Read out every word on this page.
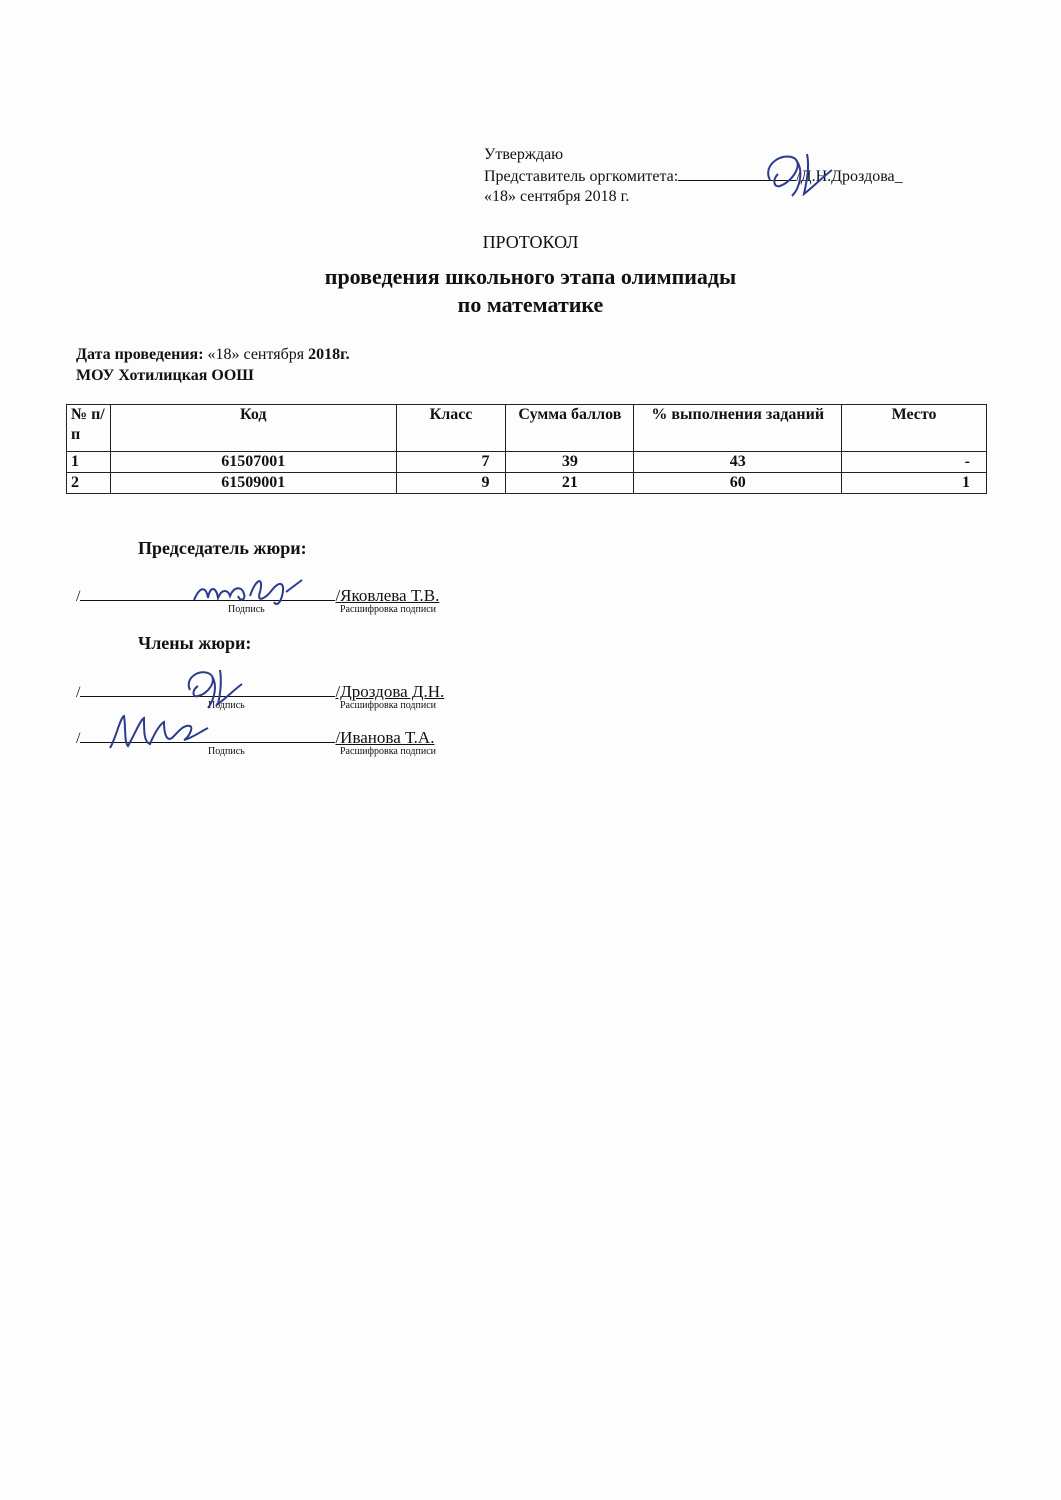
Утверждаю
Представитель оргкомитета:	/Д.Н.Дроздова_
«18» сентября 2018 г.
ПРОТОКОЛ
проведения школьного этапа олимпиады
по математике
Дата проведения: «18» сентября 2018г.
МОУ Хотилицкая ООШ
№ п/п	Код	Класс	Сумма баллов	% выполнения заданий	Место
1	61507001	7	39	43	-
2	61509001	9	21	60	1
Председатель жюри:
/	/Яковлева Т.В.
Подпись	Расшифровка подписи
Члены жюри:
/	/Дроздова Д.Н.
Подпись	Расшифровка подписи
/	/Иванова Т.А.
Подпись	Расшифровка подписи
